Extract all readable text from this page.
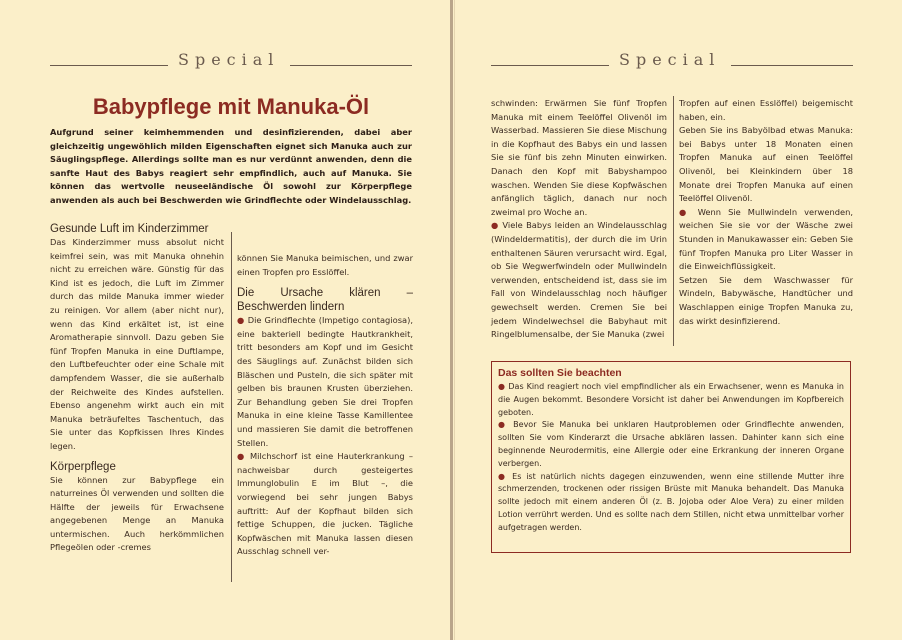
Special	Special
Babypflege mit Manuka-Öl

Aufgrund seiner keimhemmenden und desinfizierenden, dabei aber gleichzeitig ungewöhlich milden Eigenschaften eignet sich Manuka auch zur Säuglingspflege. Allerdings sollte man es nur verdünnt anwenden, denn die sanfte Haut des Babys reagiert sehr empfindlich, auch auf Manuka. Sie können das wertvolle neuseeländische Öl sowohl zur Körperpflege anwenden als auch bei Beschwerden wie Grindflechte oder Windelausschlag.

Gesunde Luft im Kinderzimmer

Das Kinderzimmer muss absolut nicht keimfrei sein, was mit Manuka ohnehin nicht zu erreichen wäre. Günstig für das Kind ist es jedoch, die Luft im Zimmer durch das milde Manuka immer wieder zu reinigen. Vor allem (aber nicht nur), wenn das Kind erkältet ist, ist eine Aromatherapie sinnvoll. Dazu geben Sie fünf Tropfen Manuka in eine Duftlampe, den Luftbefeuchter oder eine Schale mit dampfendem Wasser, die sie außerhalb der Reichweite des Kindes aufstellen. Ebenso angenehm wirkt auch ein mit Manuka beträufeltes Taschentuch, das Sie unter das Kopfkissen Ihres Kindes legen.

Körperpflege

Sie können zur Babypflege ein naturreines Öl verwenden und sollten die Hälfte der jeweils für Erwachsene angegebenen Menge an Manuka untermischen. Auch herkömmlichen Pflegeölen oder -cremes

können Sie Manuka beimischen, und zwar einen Tropfen pro Esslöffel.

Die Ursache klären – Beschwerden lindern

● Die Grindflechte (Impetigo contagiosa), eine bakteriell bedingte Hautkrankheit, tritt besonders am Kopf und im Gesicht des Säuglings auf. Zunächst bilden sich Bläschen und Pusteln, die sich später mit gelben bis braunen Krusten überziehen. Zur Behandlung geben Sie drei Tropfen Manuka in eine kleine Tasse Kamillentee und massieren Sie damit die betroffenen Stellen.

● Milchschorf ist eine Hauterkrankung – nachweisbar durch gesteigertes Immunglobulin E im Blut –, die vorwiegend bei sehr jungen Babys auftritt: Auf der Kopfhaut bilden sich fettige Schuppen, die jucken. Tägliche Kopfwäschen mit Manuka lassen diesen Ausschlag schnell ver-

schwinden: Erwärmen Sie fünf Tropfen Manuka mit einem Teelöffel Olivenöl im Wasserbad. Massieren Sie diese Mischung in die Kopfhaut des Babys ein und lassen Sie sie fünf bis zehn Minuten einwirken. Danach den Kopf mit Babyshampoo waschen. Wenden Sie diese Kopfwäschen anfänglich täglich, danach nur noch zweimal pro Woche an.

● Viele Babys leiden an Windelausschlag (Windeldermatitis), der durch die im Urin enthaltenen Säuren verursacht wird. Egal, ob Sie Wegwerfwindeln oder Mullwindeln verwenden, entscheidend ist, dass sie im Fall von Windelausschlag noch häufiger gewechselt werden. Cremen Sie bei jedem Windelwechsel die Babyhaut mit Ringelblumensalbe, der Sie Manuka (zwei

Tropfen auf einen Esslöffel) beigemischt haben, ein.

Geben Sie ins Babyölbad etwas Manuka: bei Babys unter 18 Monaten einen Tropfen Manuka auf einen Teelöffel Olivenöl, bei Kleinkindern über 18 Monate drei Tropfen Manuka auf einen Teelöffel Olivenöl.

● Wenn Sie Mullwindeln verwenden, weichen Sie sie vor der Wäsche zwei Stunden in Manukawasser ein: Geben Sie fünf Tropfen Manuka pro Liter Wasser in die Einweichflüssigkeit.

Setzen Sie dem Waschwasser für Windeln, Babywäsche, Handtücher und Waschlappen einige Tropfen Manuka zu, das wirkt desinfizierend.

Das sollten Sie beachten

● Das Kind reagiert noch viel empfindlicher als ein Erwachsener, wenn es Manuka in die Augen bekommt. Besondere Vorsicht ist daher bei Anwendungen im Kopfbereich geboten.

● Bevor Sie Manuka bei unklaren Hautproblemen oder Grindflechte anwenden, sollten Sie vom Kinderarzt die Ursache abklären lassen. Dahinter kann sich eine beginnende Neurodermitis, eine Allergie oder eine Erkrankung der inneren Organe verbergen.

● Es ist natürlich nichts dagegen einzuwenden, wenn eine stillende Mutter ihre schmerzenden, trockenen oder rissigen Brüste mit Manuka behandelt. Das Manuka sollte jedoch mit einem anderen Öl (z. B. Jojoba oder Aloe Vera) zu einer milden Lotion verrührt werden. Und es sollte nach dem Stillen, nicht etwa unmittelbar vorher aufgetragen werden.
